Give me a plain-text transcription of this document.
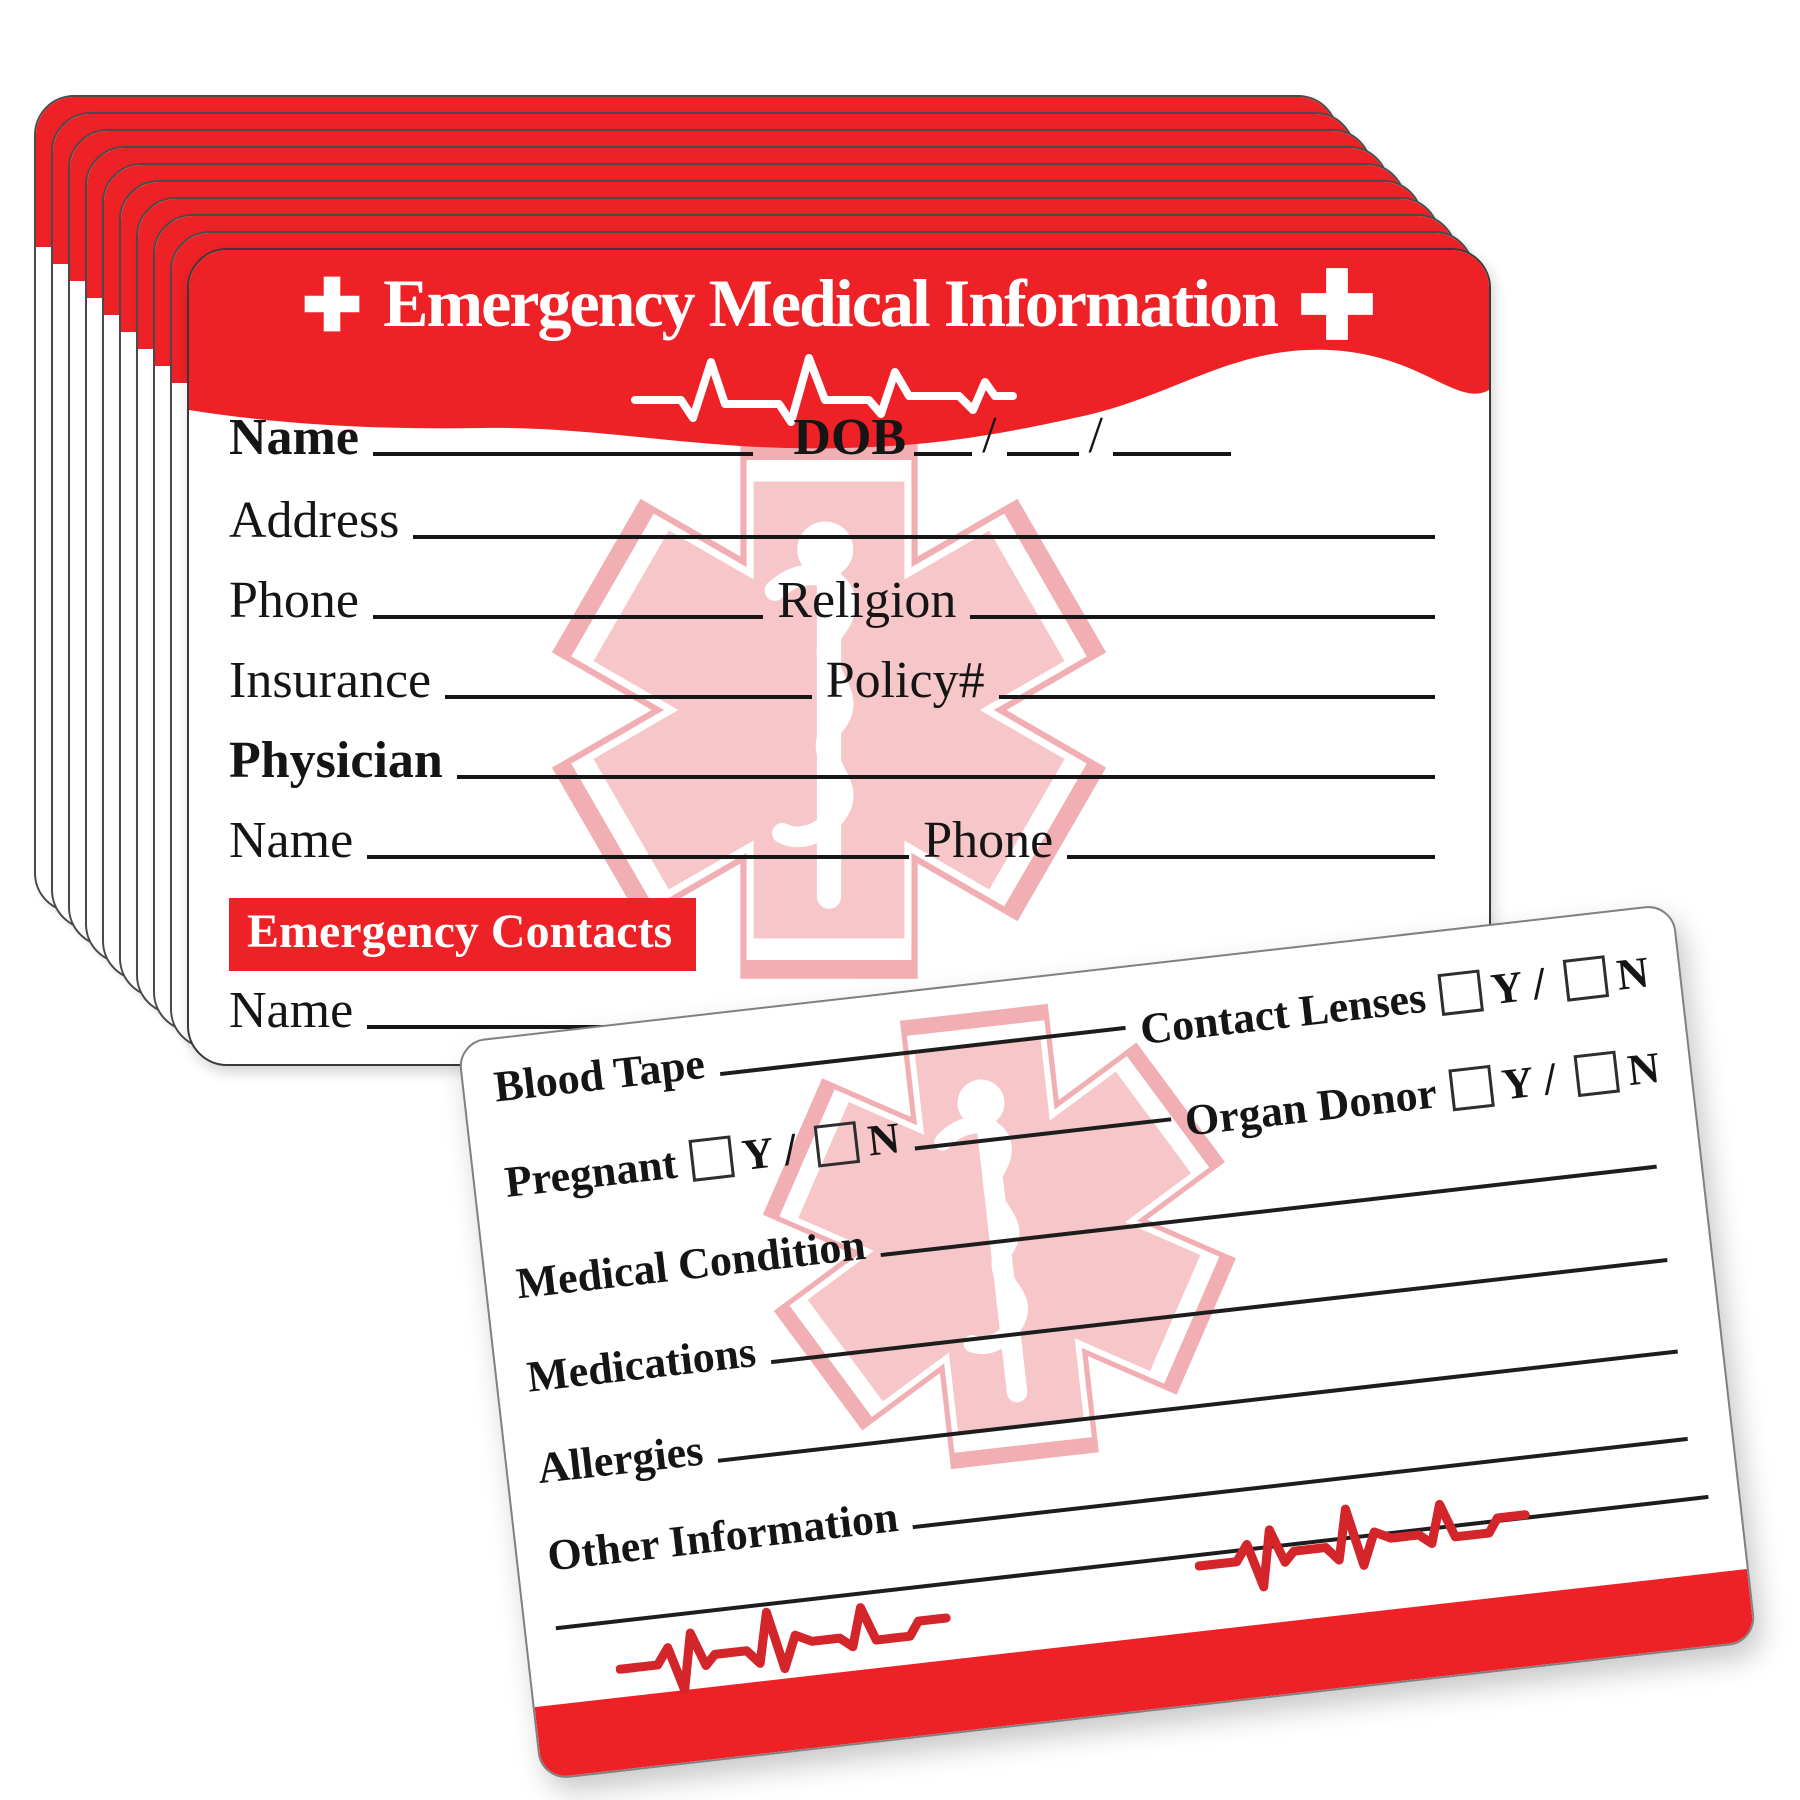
Emergency Medical Information
Name	DOB / /
Address
Phone	Religion
Insurance	Policy#
Physician
Name	Phone
Emergency Contacts
Name
Blood Tape
Contact Lenses Y / N
Pregnant Y / N	Organ Donor Y / N
Medical Condition
Medications
Allergies
Other Information
